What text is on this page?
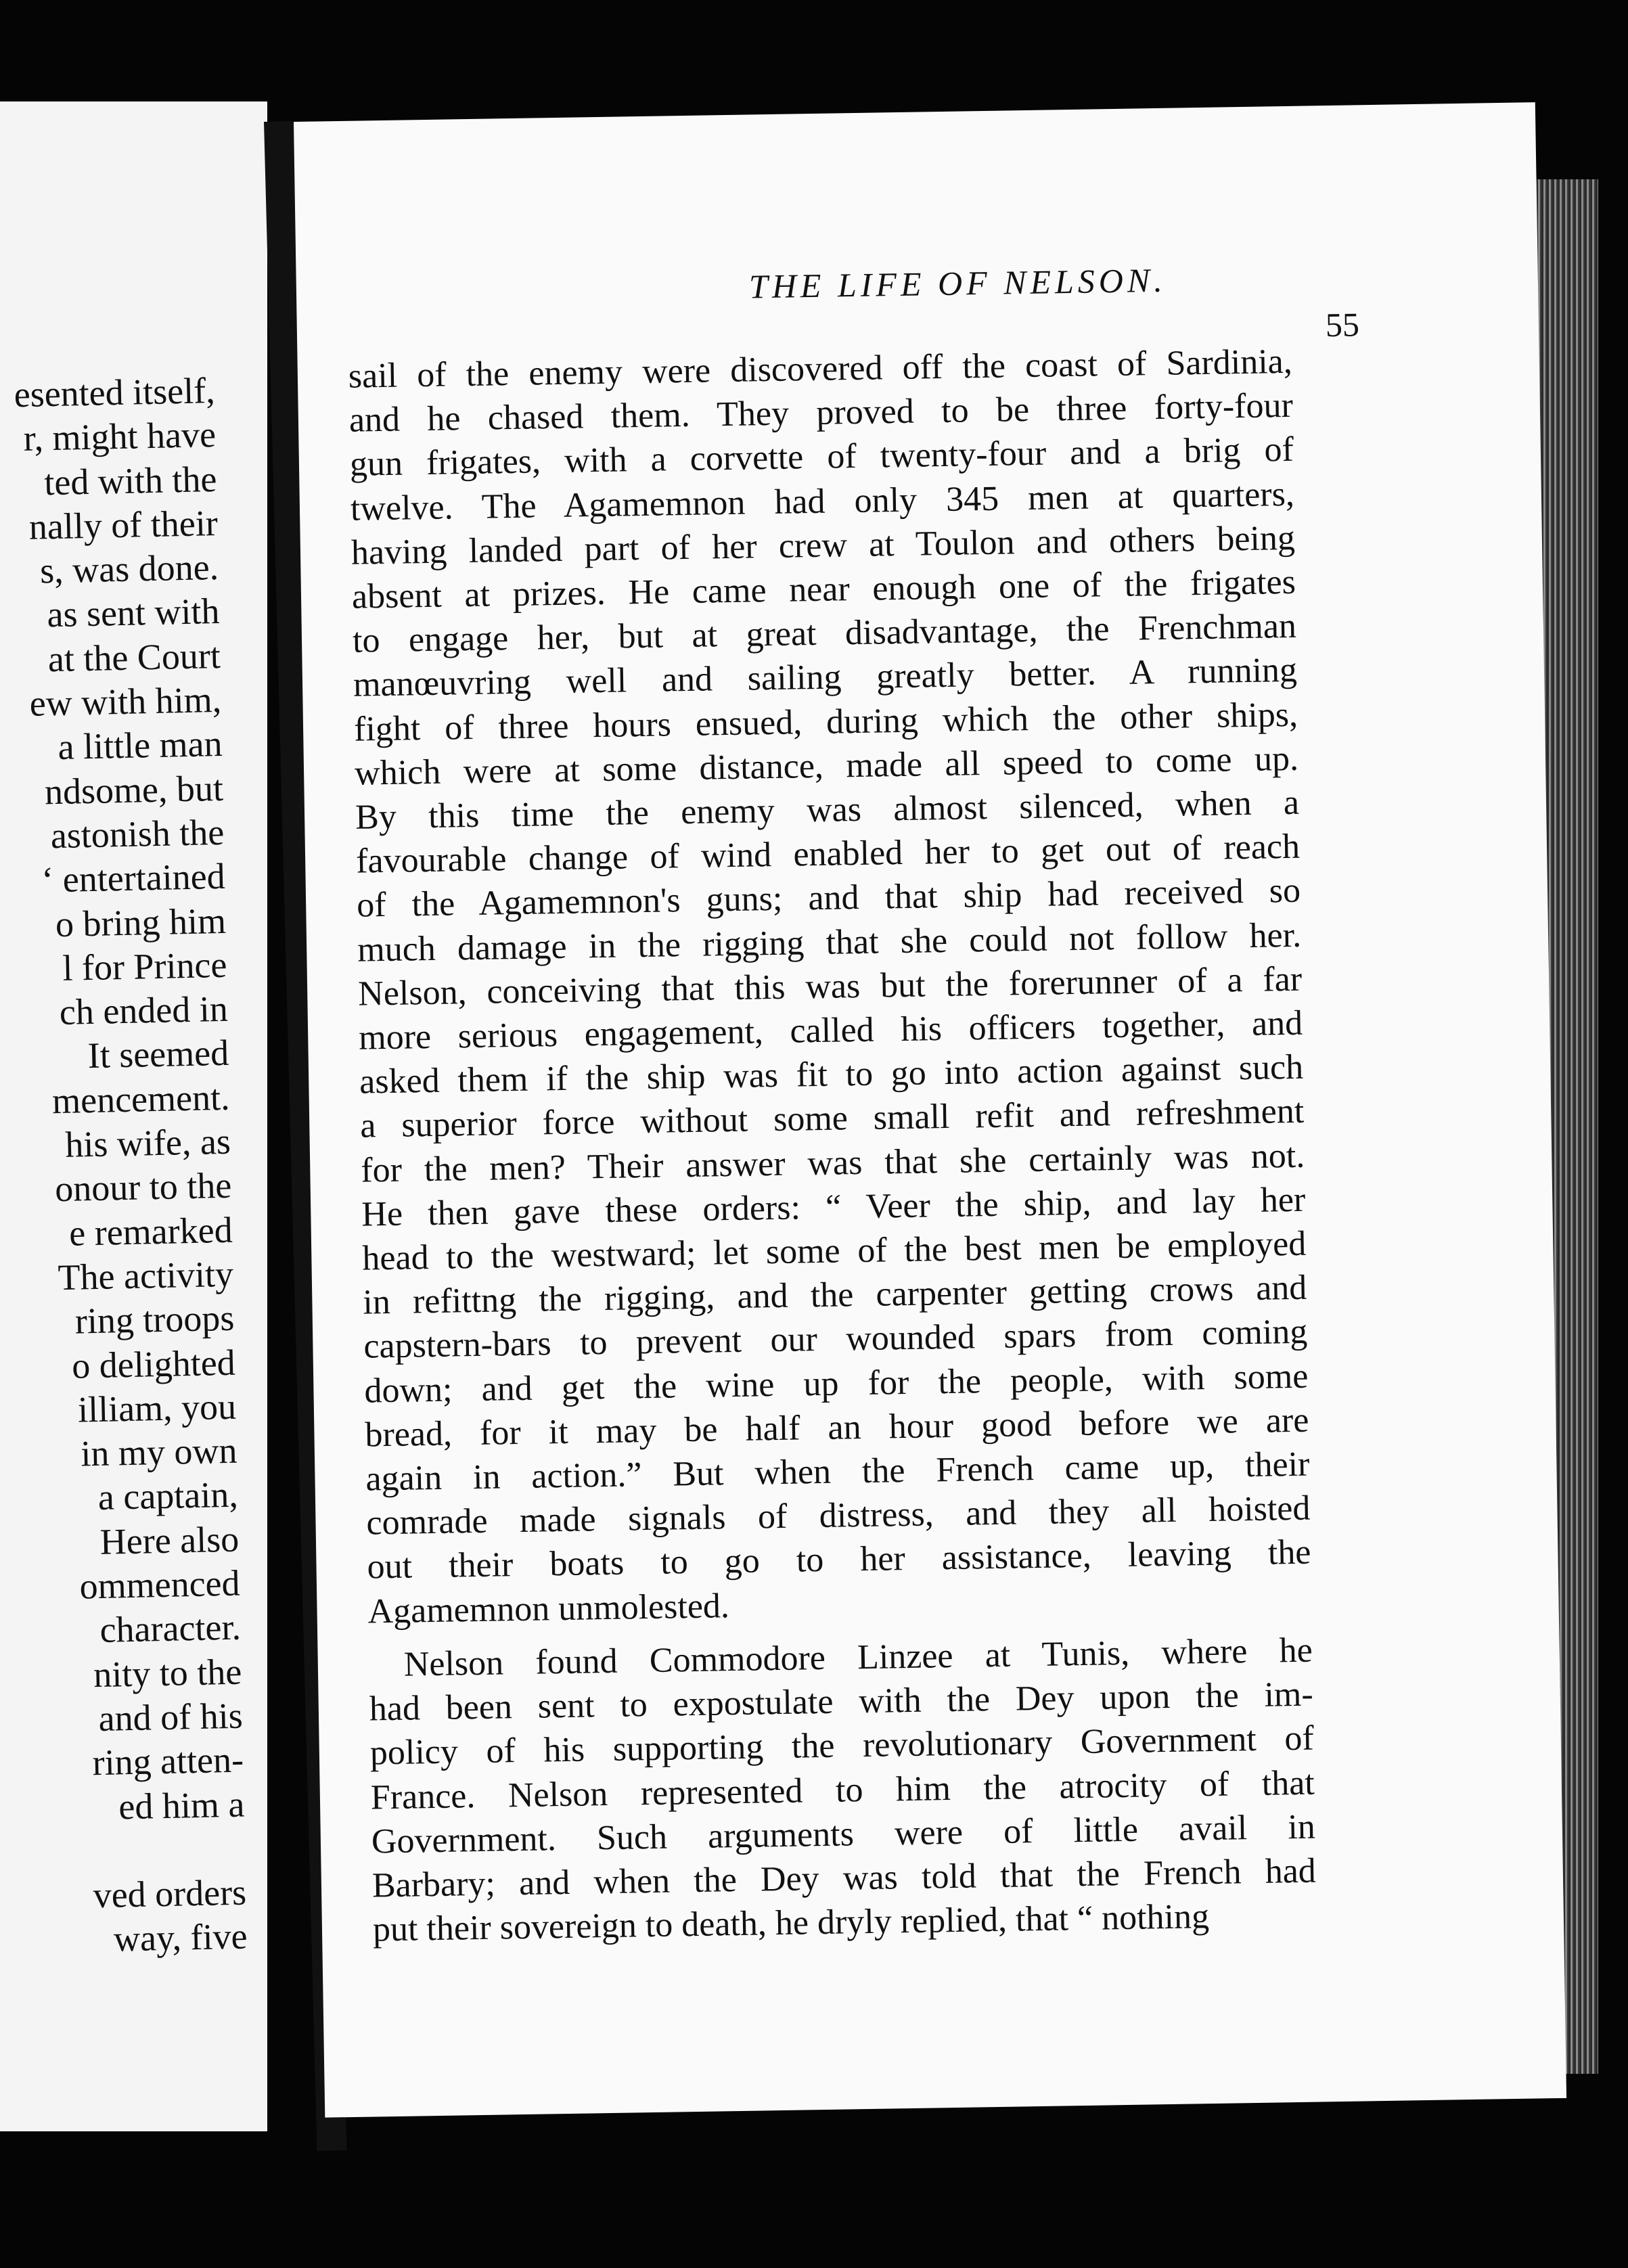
esented itself,
r, might have
ted with the
nally of their
s, was done.
as sent with
at the Court
ew with him,
a little man
ndsome, but
astonish the
‘ entertained
o bring him
l for Prince
ch ended in
It seemed
mencement.
his wife, as
onour to the
e remarked
The activity
ring troops
o delighted
illiam, you
in my own
a captain,
Here also
ommenced
character.
nity to the
and of his
ring atten-
ed him a

ved orders
way, five
THE LIFE OF NELSON.
55
sail of the enemy were discovered off the coast of Sardinia,
and he chased them. They proved to be three forty-four
gun frigates, with a corvette of twenty-four and a brig of
twelve. The Agamemnon had only 345 men at quarters,
having landed part of her crew at Toulon and others being
absent at prizes. He came near enough one of the frigates
to engage her, but at great disadvantage, the Frenchman
manœuvring well and sailing greatly better. A running
fight of three hours ensued, during which the other ships,
which were at some distance, made all speed to come up.
By this time the enemy was almost silenced, when a
favourable change of wind enabled her to get out of reach
of the Agamemnon's guns; and that ship had received so
much damage in the rigging that she could not follow her.
Nelson, conceiving that this was but the forerunner of a far
more serious engagement, called his officers together, and
asked them if the ship was fit to go into action against such
a superior force without some small refit and refreshment
for the men? Their answer was that she certainly was not.
He then gave these orders: “ Veer the ship, and lay her
head to the westward; let some of the best men be employed
in refittng the rigging, and the carpenter getting crows and
capstern-bars to prevent our wounded spars from coming
down; and get the wine up for the people, with some
bread, for it may be half an hour good before we are
again in action.” But when the French came up, their
comrade made signals of distress, and they all hoisted
out their boats to go to her assistance, leaving the
Agamemnon unmolested.
Nelson found Commodore Linzee at Tunis, where he
had been sent to expostulate with the Dey upon the im-
policy of his supporting the revolutionary Government of
France. Nelson represented to him the atrocity of that
Government. Such arguments were of little avail in
Barbary; and when the Dey was told that the French had
put their sovereign to death, he dryly replied, that “ nothing
